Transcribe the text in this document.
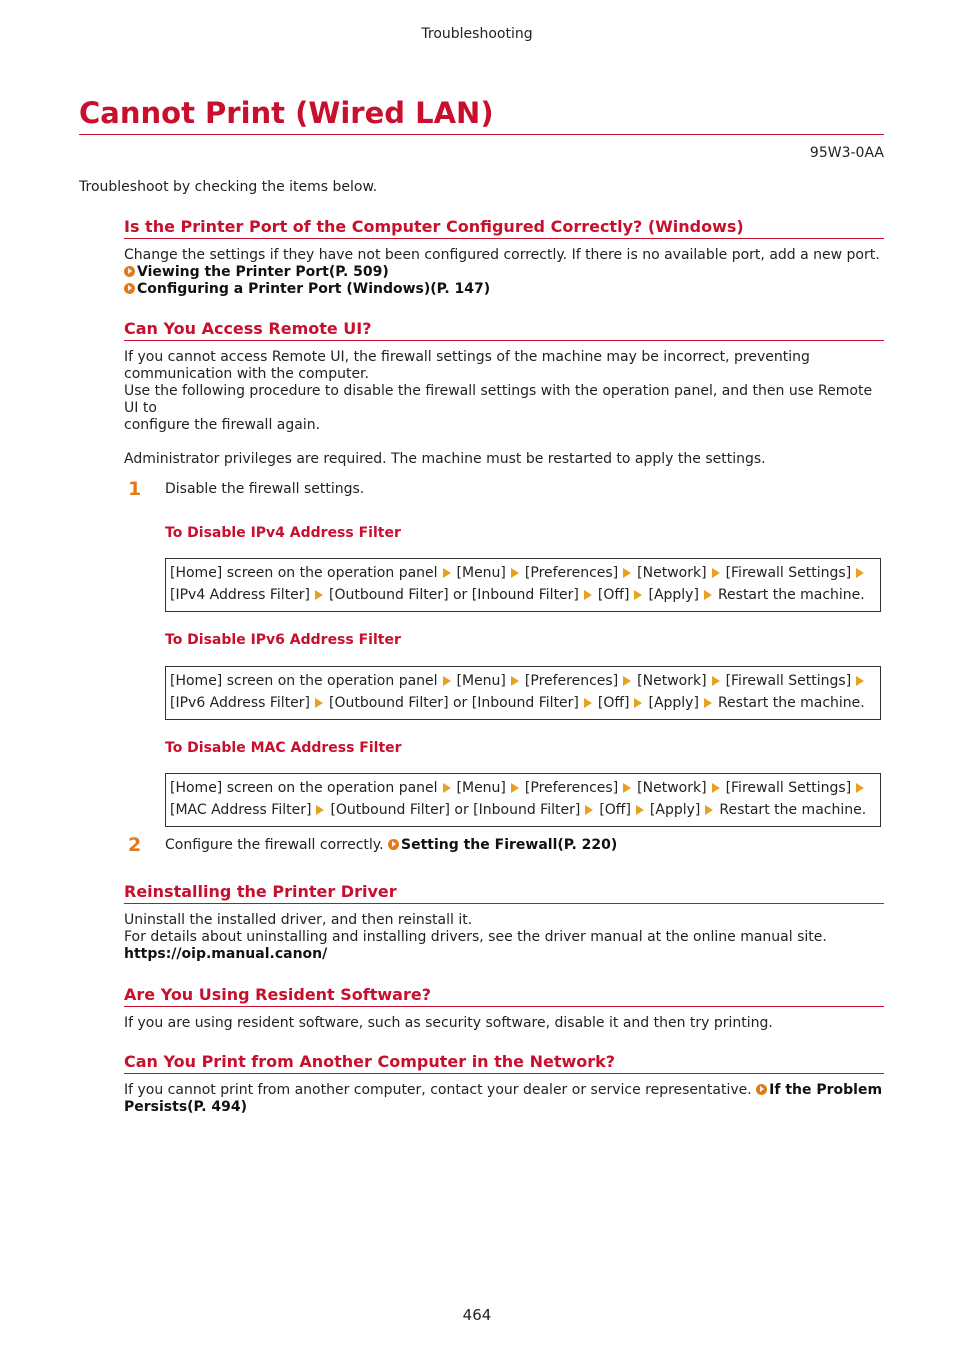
Troubleshooting
Cannot Print (Wired LAN)
95W3-0AA
Troubleshoot by checking the items below.
Is the Printer Port of the Computer Configured Correctly? (Windows)
Change the settings if they have not been configured correctly. If there is no available port, add a new port.
Viewing the Printer Port(P. 509)
Configuring a Printer Port (Windows)(P. 147)
Can You Access Remote UI?
If you cannot access Remote UI, the firewall settings of the machine may be incorrect, preventing
communication with the computer.
Use the following procedure to disable the firewall settings with the operation panel, and then use Remote UI to
configure the firewall again.
Administrator privileges are required. The machine must be restarted to apply the settings.
1 Disable the firewall settings.
To Disable IPv4 Address Filter
[Home] screen on the operation panel [Menu] [Preferences] [Network] [Firewall Settings]
[IPv4 Address Filter] [Outbound Filter] or [Inbound Filter] [Off] [Apply] Restart the machine.
To Disable IPv6 Address Filter
[Home] screen on the operation panel [Menu] [Preferences] [Network] [Firewall Settings]
[IPv6 Address Filter] [Outbound Filter] or [Inbound Filter] [Off] [Apply] Restart the machine.
To Disable MAC Address Filter
[Home] screen on the operation panel [Menu] [Preferences] [Network] [Firewall Settings]
[MAC Address Filter] [Outbound Filter] or [Inbound Filter] [Off] [Apply] Restart the machine.
2 Configure the firewall correctly. Setting the Firewall(P. 220)
Reinstalling the Printer Driver
Uninstall the installed driver, and then reinstall it.
For details about uninstalling and installing drivers, see the driver manual at the online manual site.
https://oip.manual.canon/
Are You Using Resident Software?
If you are using resident software, such as security software, disable it and then try printing.
Can You Print from Another Computer in the Network?
If you cannot print from another computer, contact your dealer or service representative. If the Problem Persists(P. 494)
464
